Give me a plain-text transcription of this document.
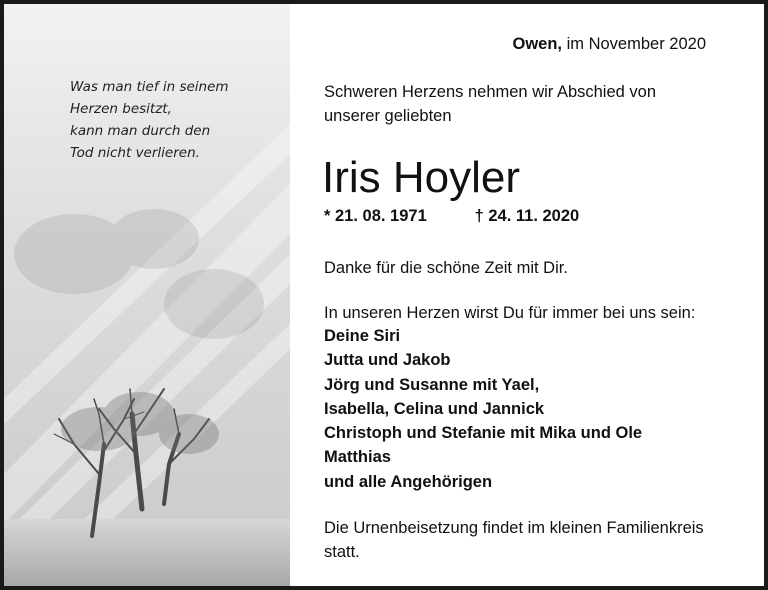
Was man tief in seinem
Herzen besitzt,
kann man durch den
Tod nicht verlieren.

Owen, im November 2020

Schweren Herzens nehmen wir Abschied von

unserer geliebten

Iris Hoyler
* 21. 08. 1971	† 24. 11. 2020

Danke für die schöne Zeit mit Dir.

In unseren Herzen wirst Du für immer bei uns sein:

Deine Siri
Jutta und Jakob
Jörg und Susanne mit Yael,
Isabella, Celina und Jannick
Christoph und Stefanie mit Mika und Ole
Matthias
und alle Angehörigen

Die Urnenbeisetzung findet im kleinen Familienkreis

statt.
